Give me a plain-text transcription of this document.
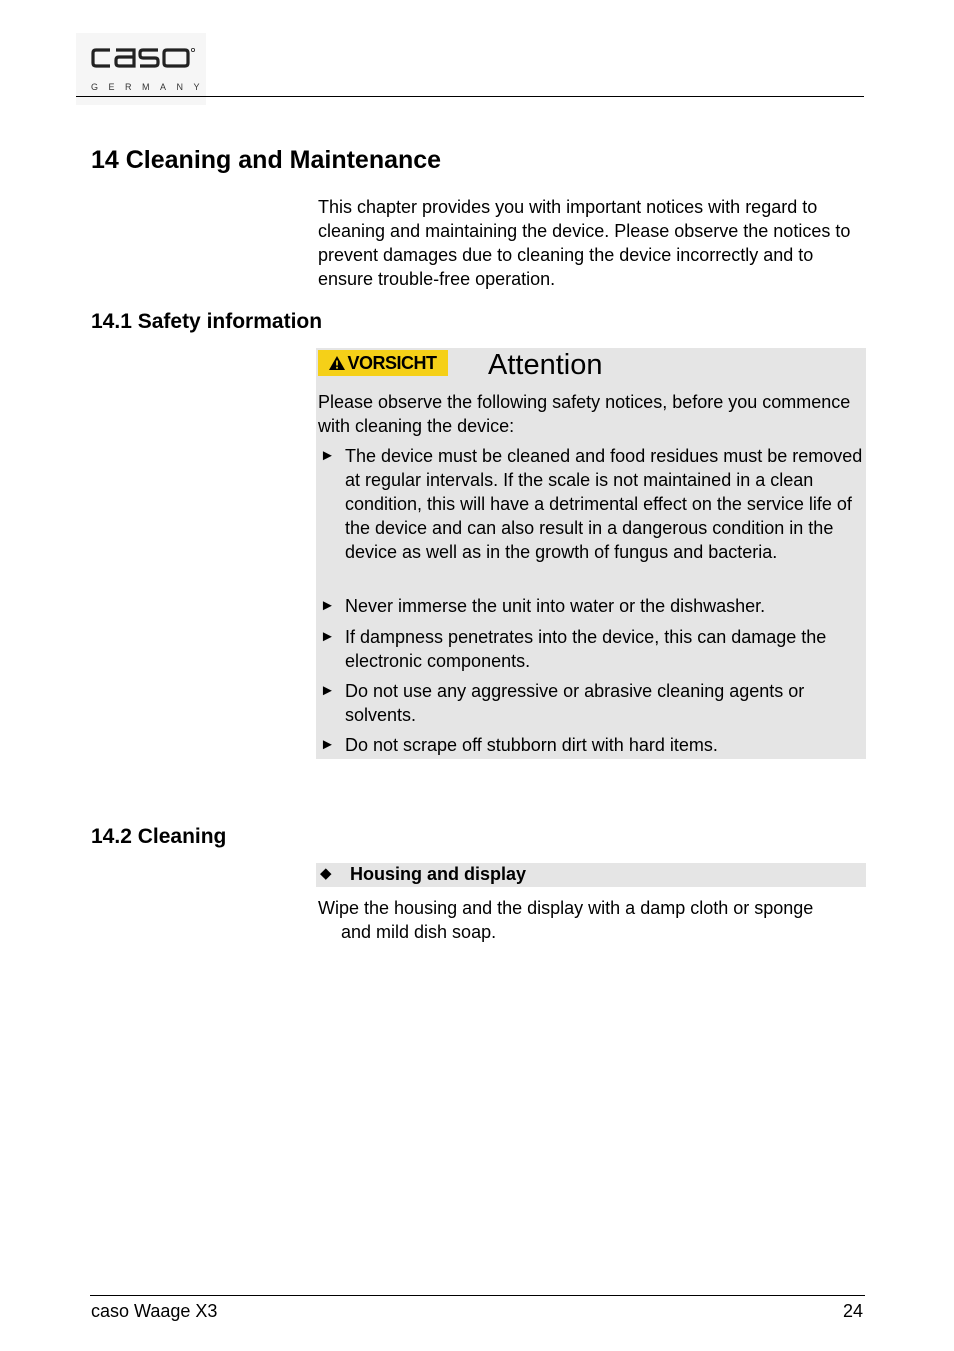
GERMANY
14 Cleaning and Maintenance

This chapter provides you with important notices with regard to cleaning and maintaining the device. Please observe the notices to prevent damages due to cleaning the device incorrectly and to ensure trouble-free operation.

14.1 Safety information
VORSICHT Attention

Please observe the following safety notices, before you commence with cleaning the device:

► The device must be cleaned and food residues must be removed at regular intervals. If the scale is not maintained in a clean condition, this will have a detrimental effect on the service life of the device and can also result in a dangerous condition in the device as well as in the growth of fungus and bacteria.
► Never immerse the unit into water or the dishwasher.
► If dampness penetrates into the device, this can damage the electronic components.
► Do not use any aggressive or abrasive cleaning agents or solvents.
► Do not scrape off stubborn dirt with hard items.
14.2 Cleaning
◆ Housing and display

Wipe the housing and the display with a damp cloth or sponge
and mild dish soap.

caso Waage X3	24
